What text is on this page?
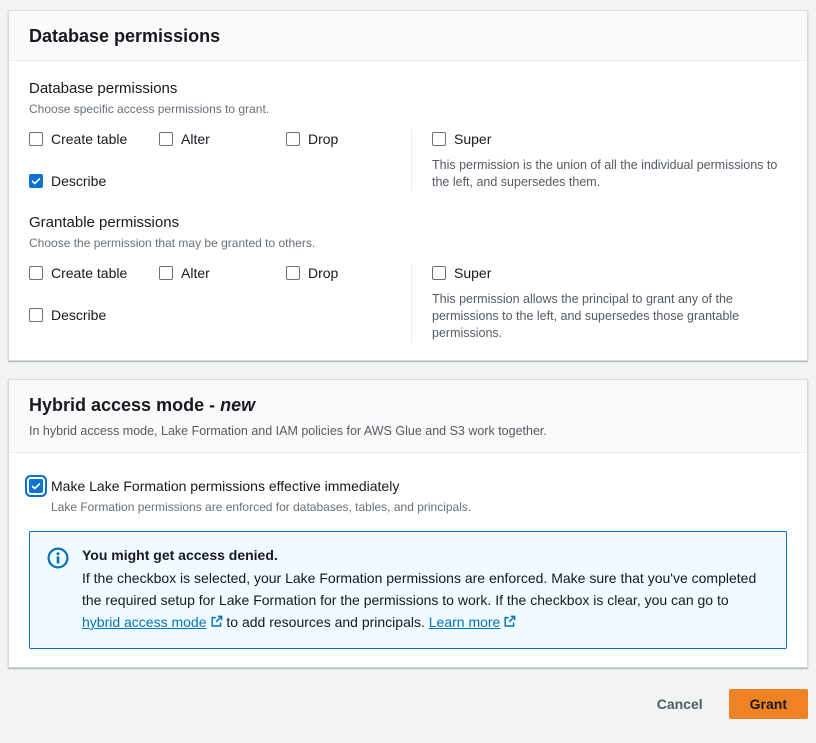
Database permissions
Database permissions
Choose specific access permissions to grant.
Create table	Alter	Drop
Describe
Super
This permission is the union of all the individual permissions to the left, and supersedes them.
Grantable permissions
Choose the permission that may be granted to others.
Create table	Alter	Drop
Describe
Super
This permission allows the principal to grant any of the permissions to the left, and supersedes those grantable permissions.
Hybrid access mode - new
In hybrid access mode, Lake Formation and IAM policies for AWS Glue and S3 work together.
Make Lake Formation permissions effective immediately
Lake Formation permissions are enforced for databases, tables, and principals.
You might get access denied.
If the checkbox is selected, your Lake Formation permissions are enforced. Make sure that you've completed the required setup for Lake Formation for the permissions to work. If the checkbox is clear, you can go to hybrid access mode to add resources and principals. Learn more
Cancel	Grant
